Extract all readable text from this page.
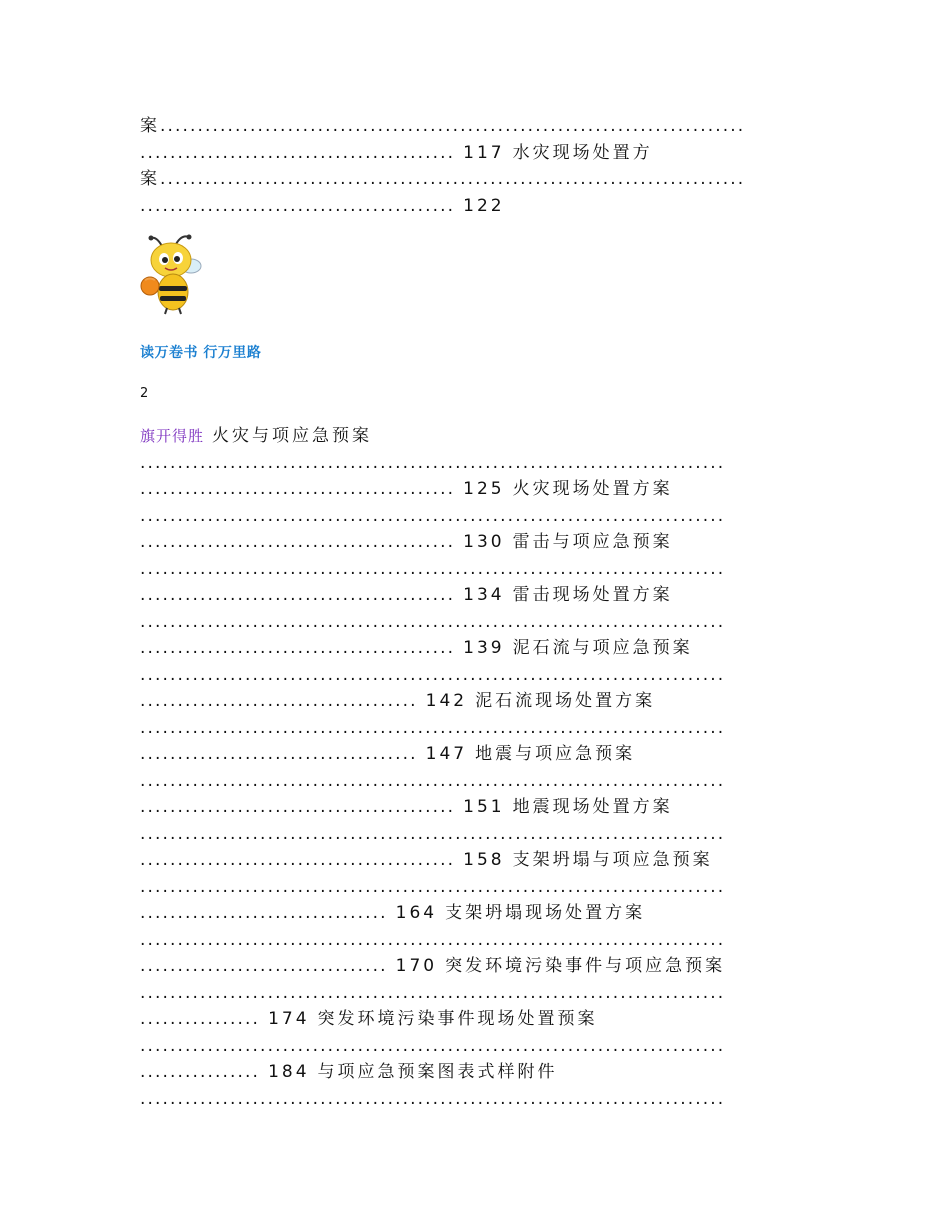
案..............................................................................
.......................................... 117 水灾现场处置方
案..............................................................................
.......................................... 122
读万卷书 行万里路
2
旗开得胜 火灾与项应急预案
..............................................................................
.......................................... 125 火灾现场处置方案
..............................................................................
.......................................... 130 雷击与项应急预案
..............................................................................
.......................................... 134 雷击现场处置方案
..............................................................................
.......................................... 139 泥石流与项应急预案
..............................................................................
..................................... 142 泥石流现场处置方案
..............................................................................
..................................... 147 地震与项应急预案
..............................................................................
.......................................... 151 地震现场处置方案
..............................................................................
.......................................... 158 支架坍塌与项应急预案
..............................................................................
................................. 164 支架坍塌现场处置方案
..............................................................................
................................. 170 突发环境污染事件与项应急预案
..............................................................................
................ 174 突发环境污染事件现场处置预案
..............................................................................
................ 184 与项应急预案图表式样附件
..............................................................................
